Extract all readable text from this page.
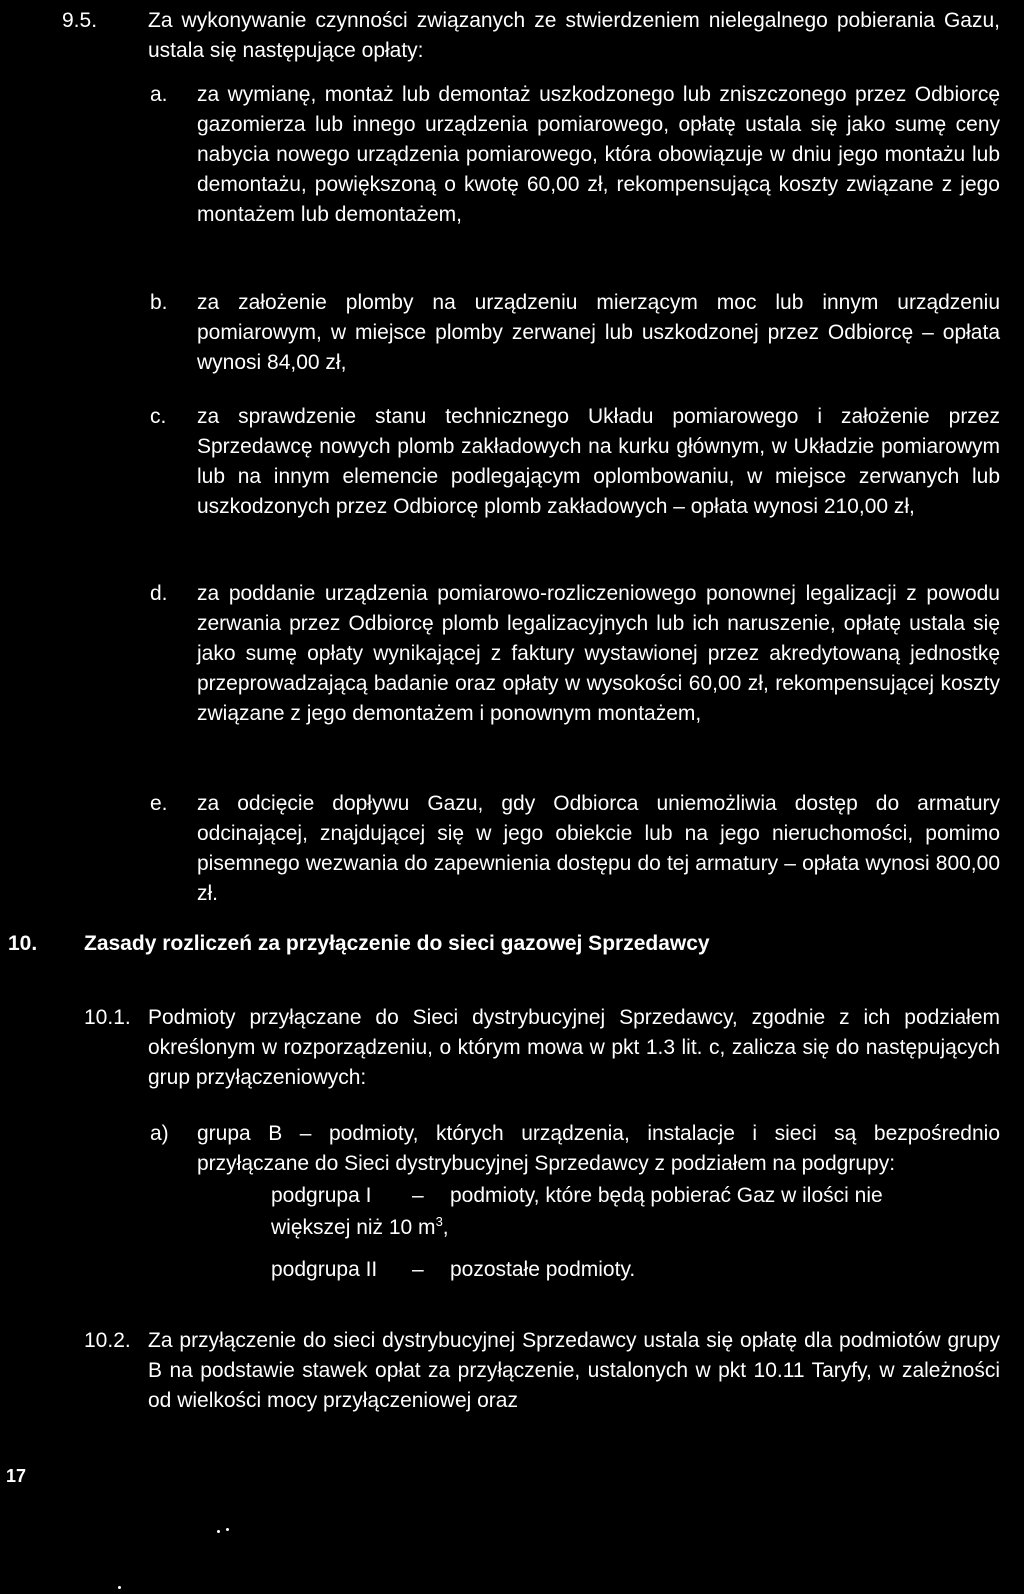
9.5. Za wykonywanie czynności związanych ze stwierdzeniem nielegalnego pobierania Gazu, ustala się następujące opłaty:
a. za wymianę, montaż lub demontaż uszkodzonego lub zniszczonego przez Odbiorcę gazomierza lub innego urządzenia pomiarowego, opłatę ustala się jako sumę ceny nabycia nowego urządzenia pomiarowego, która obowiązuje w dniu jego montażu lub demontażu, powiększoną o kwotę 60,00 zł, rekompensującą koszty związane z jego montażem lub demontażem,
b. za założenie plomby na urządzeniu mierzącym moc lub innym urządzeniu pomiarowym, w miejsce plomby zerwanej lub uszkodzonej przez Odbiorcę – opłata wynosi 84,00 zł,
c. za sprawdzenie stanu technicznego Układu pomiarowego i założenie przez Sprzedawcę nowych plomb zakładowych na kurku głównym, w Układzie pomiarowym lub na innym elemencie podlegającym oplombowaniu, w miejsce zerwanych lub uszkodzonych przez Odbiorcę plomb zakładowych – opłata wynosi 210,00 zł,
d. za poddanie urządzenia pomiarowo-rozliczeniowego ponownej legalizacji z powodu zerwania przez Odbiorcę plomb legalizacyjnych lub ich naruszenie, opłatę ustala się jako sumę opłaty wynikającej z faktury wystawionej przez akredytowaną jednostkę przeprowadzającą badanie oraz opłaty w wysokości 60,00 zł, rekompensującej koszty związane z jego demontażem i ponownym montażem,
e. za odcięcie dopływu Gazu, gdy Odbiorca uniemożliwia dostęp do armatury odcinającej, znajdującej się w jego obiekcie lub na jego nieruchomości, pomimo pisemnego wezwania do zapewnienia dostępu do tej armatury – opłata wynosi 800,00 zł.
10. Zasady rozliczeń za przyłączenie do sieci gazowej Sprzedawcy
10.1. Podmioty przyłączane do Sieci dystrybucyjnej Sprzedawcy, zgodnie z ich podziałem określonym w rozporządzeniu, o którym mowa w pkt 1.3 lit. c, zalicza się do następujących grup przyłączeniowych:
a) grupa B – podmioty, których urządzenia, instalacje i sieci są bezpośrednio przyłączane do Sieci dystrybucyjnej Sprzedawcy z podziałem na podgrupy:
podgrupa I – podmioty, które będą pobierać Gaz w ilości nie
większej niż 10 $m^3$,
podgrupa II – pozostałe podmioty.
10.2. Za przyłączenie do sieci dystrybucyjnej Sprzedawcy ustala się opłatę dla podmiotów grupy B na podstawie stawek opłat za przyłączenie, ustalonych w pkt 10.11 Taryfy, w zależności od wielkości mocy przyłączeniowej oraz
17
